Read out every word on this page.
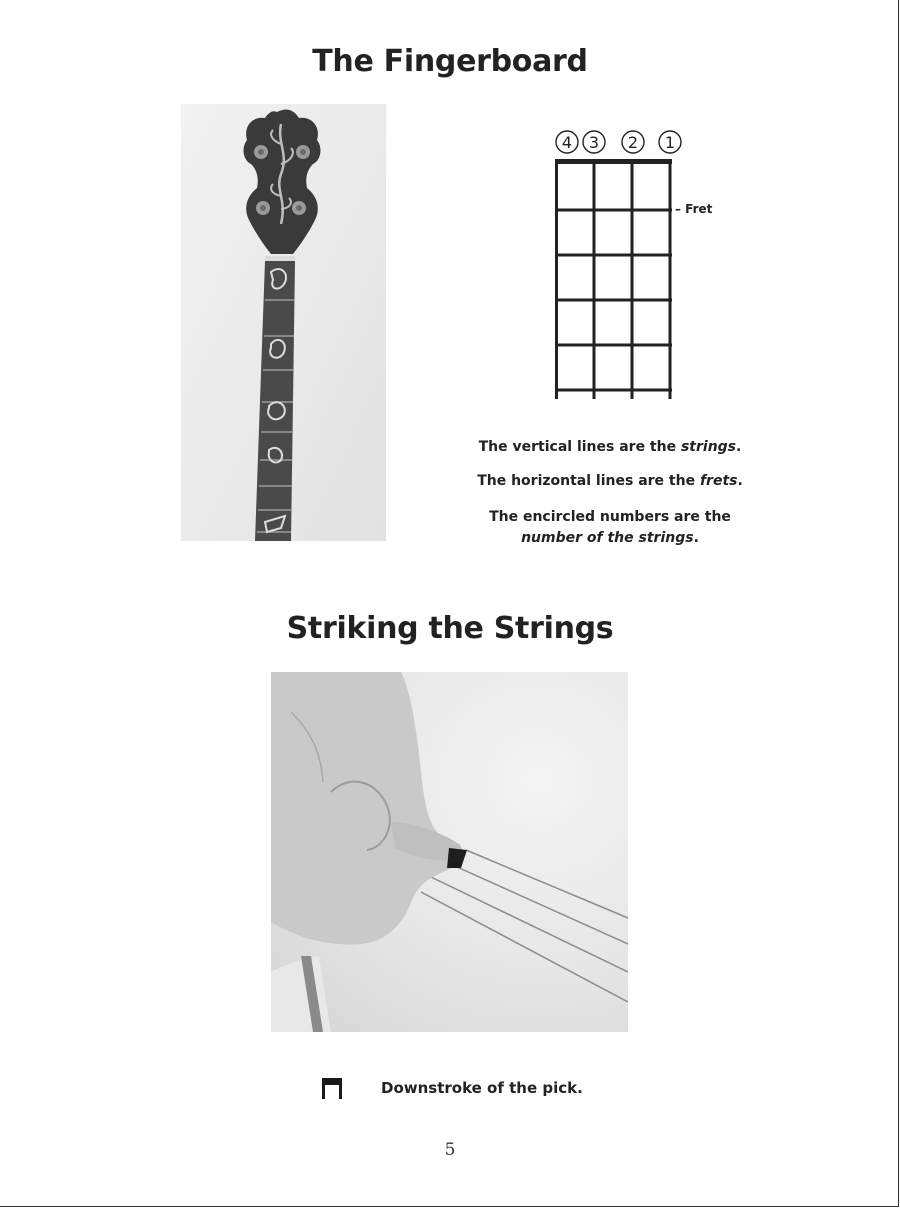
The Fingerboard
4 3 2 1
– Fret
The vertical lines are the strings.
The horizontal lines are the frets.
The encircled numbers are the
number of the strings.
Striking the Strings
Downstroke of the pick.
5
